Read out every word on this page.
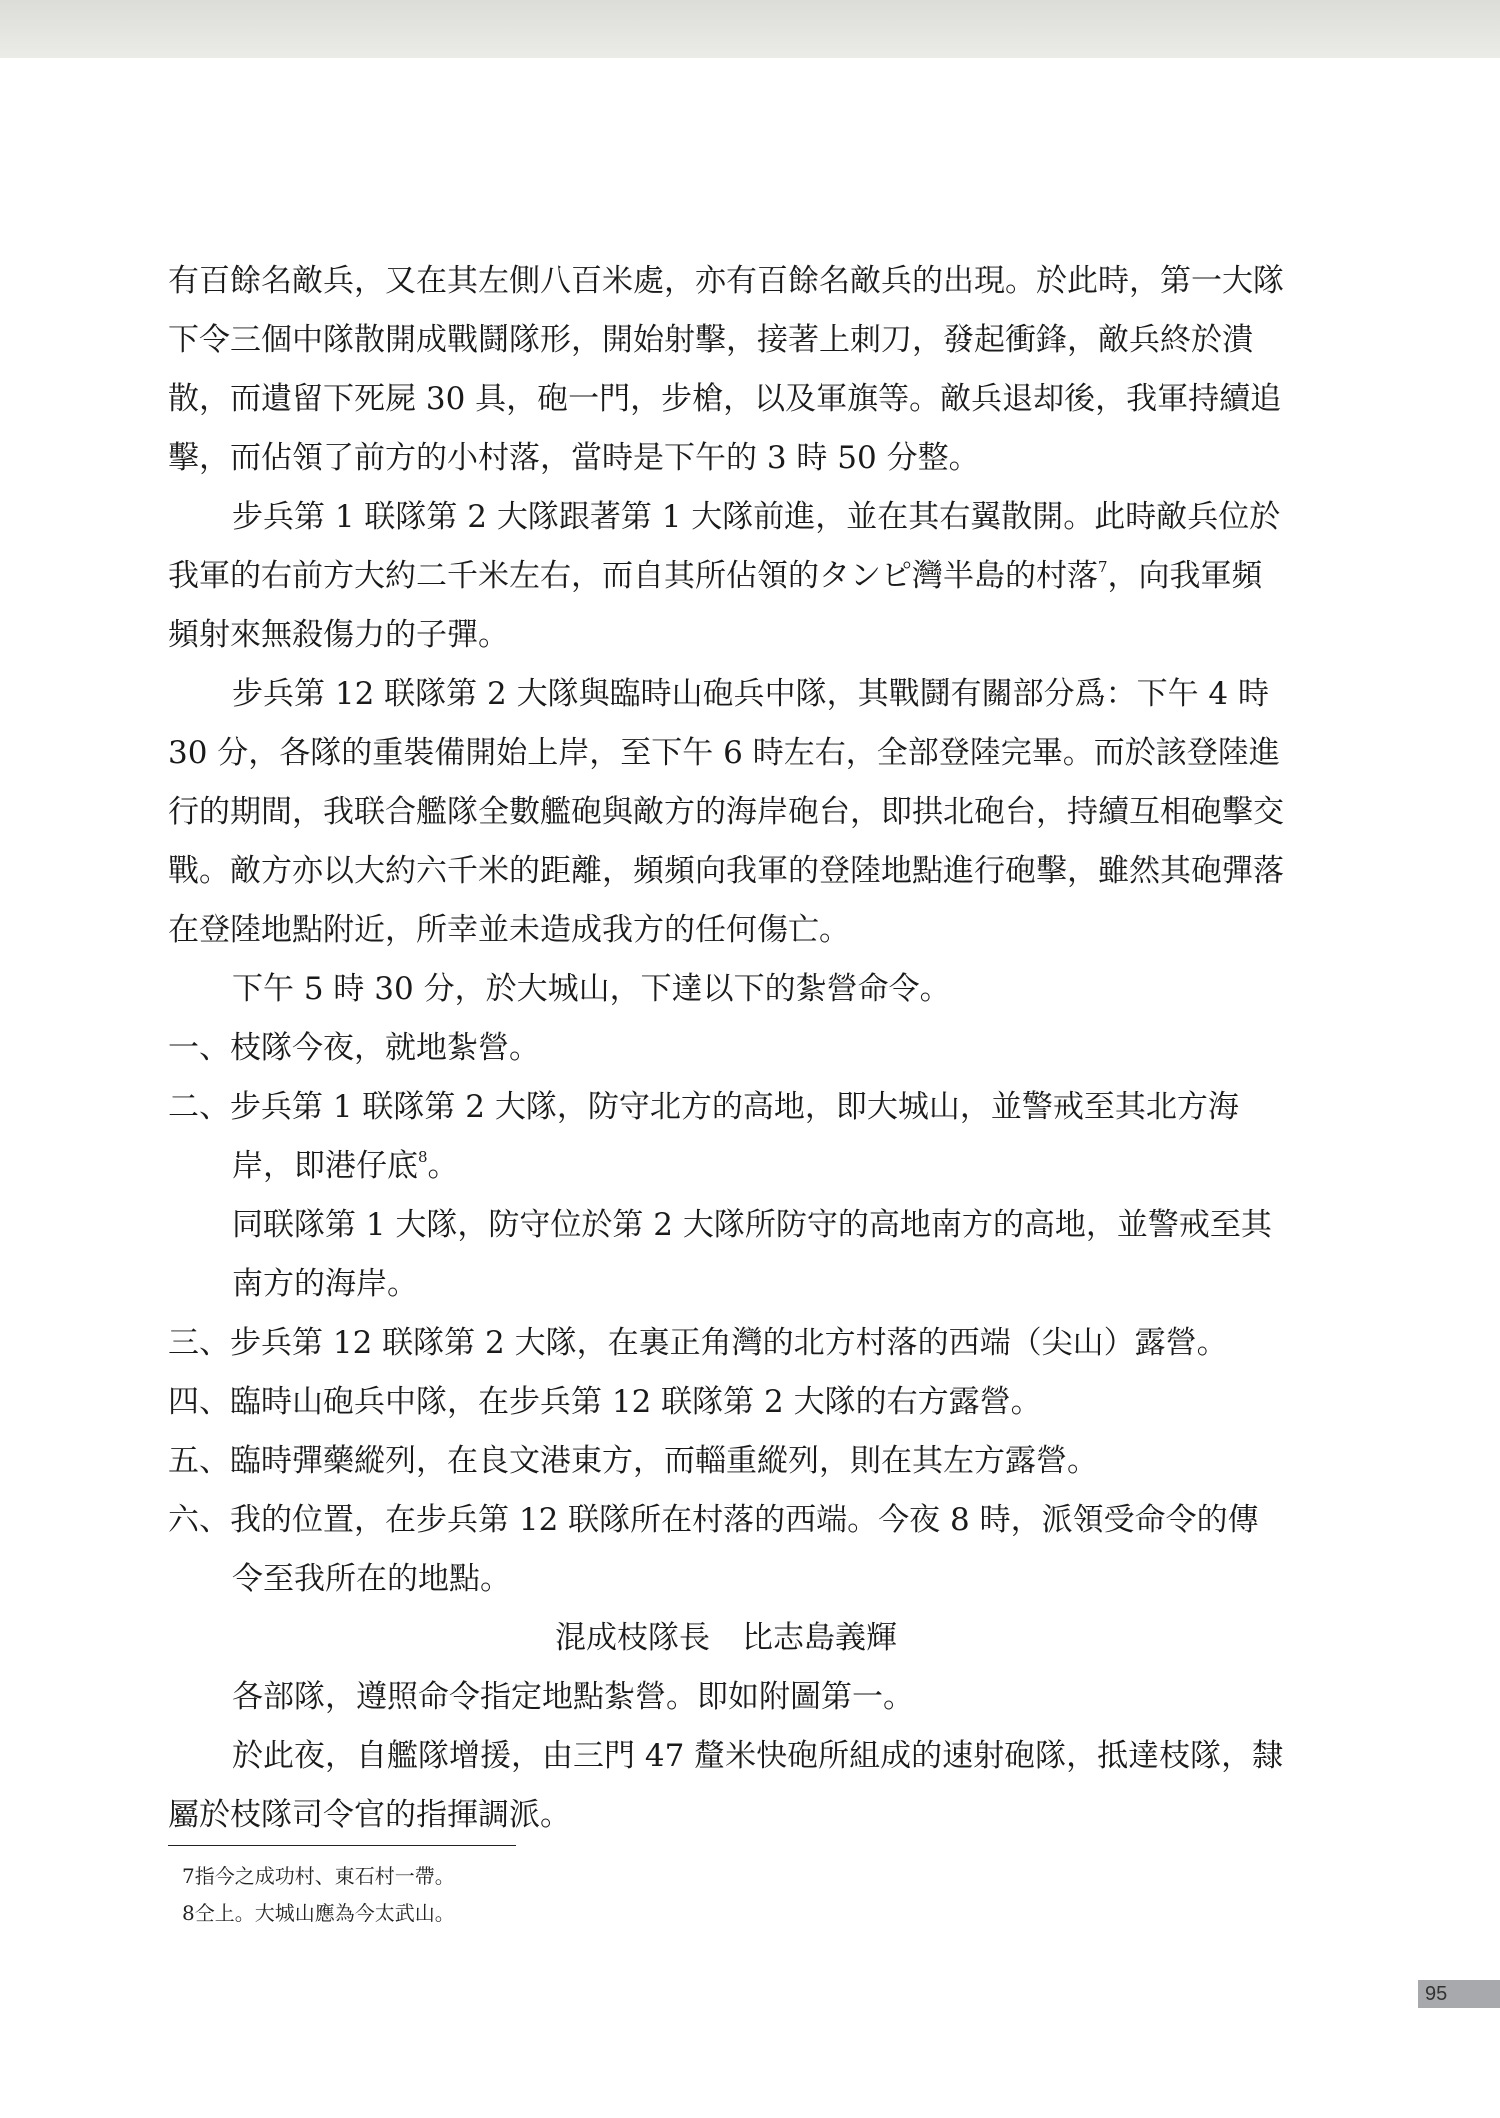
有百餘名敵兵，又在其左側八百米處，亦有百餘名敵兵的出現。於此時，第一大隊下令三個中隊散開成戰鬪隊形，開始射擊，接著上刺刀，發起衝鋒，敵兵終於潰散，而遺留下死屍 30 具，砲一門，步槍，以及軍旗等。敵兵退却後，我軍持續追擊，而佔領了前方的小村落，當時是下午的 3 時 50 分整。

步兵第 1 联隊第 2 大隊跟著第 1 大隊前進，並在其右翼散開。此時敵兵位於我軍的右前方大約二千米左右，而自其所佔領的タンピ灣半島的村落$^7$，向我軍頻頻射來無殺傷力的子彈。

步兵第 12 联隊第 2 大隊與臨時山砲兵中隊，其戰鬪有關部分爲：下午 4 時 30 分，各隊的重裝備開始上岸，至下午 6 時左右，全部登陸完畢。而於該登陸進行的期間，我联合艦隊全數艦砲與敵方的海岸砲台，即拱北砲台，持續互相砲擊交戰。敵方亦以大約六千米的距離，頻頻向我軍的登陸地點進行砲擊，雖然其砲彈落在登陸地點附近，所幸並未造成我方的任何傷亡。

下午 5 時 30 分，於大城山，下達以下的紮營命令。

一、枝隊今夜，就地紮營。

二、步兵第 1 联隊第 2 大隊，防守北方的高地，即大城山，並警戒至其北方海岸，即港仔底$^8$。

同联隊第 1 大隊，防守位於第 2 大隊所防守的高地南方的高地，並警戒至其南方的海岸。

三、步兵第 12 联隊第 2 大隊，在裏正角灣的北方村落的西端（尖山）露營。

四、臨時山砲兵中隊，在步兵第 12 联隊第 2 大隊的右方露營。

五、臨時彈藥縱列，在良文港東方，而輜重縱列，則在其左方露營。

六、我的位置，在步兵第 12 联隊所在村落的西端。今夜 8 時，派領受命令的傳令至我所在的地點。

混成枝隊長 比志島義輝

各部隊，遵照命令指定地點紮營。即如附圖第一。

於此夜，自艦隊增援，由三門 47 釐米快砲所組成的速射砲隊，抵達枝隊，隸屬於枝隊司令官的指揮調派。

7指今之成功村、東石村一帶。

8仝上。大城山應為今太武山。

95
